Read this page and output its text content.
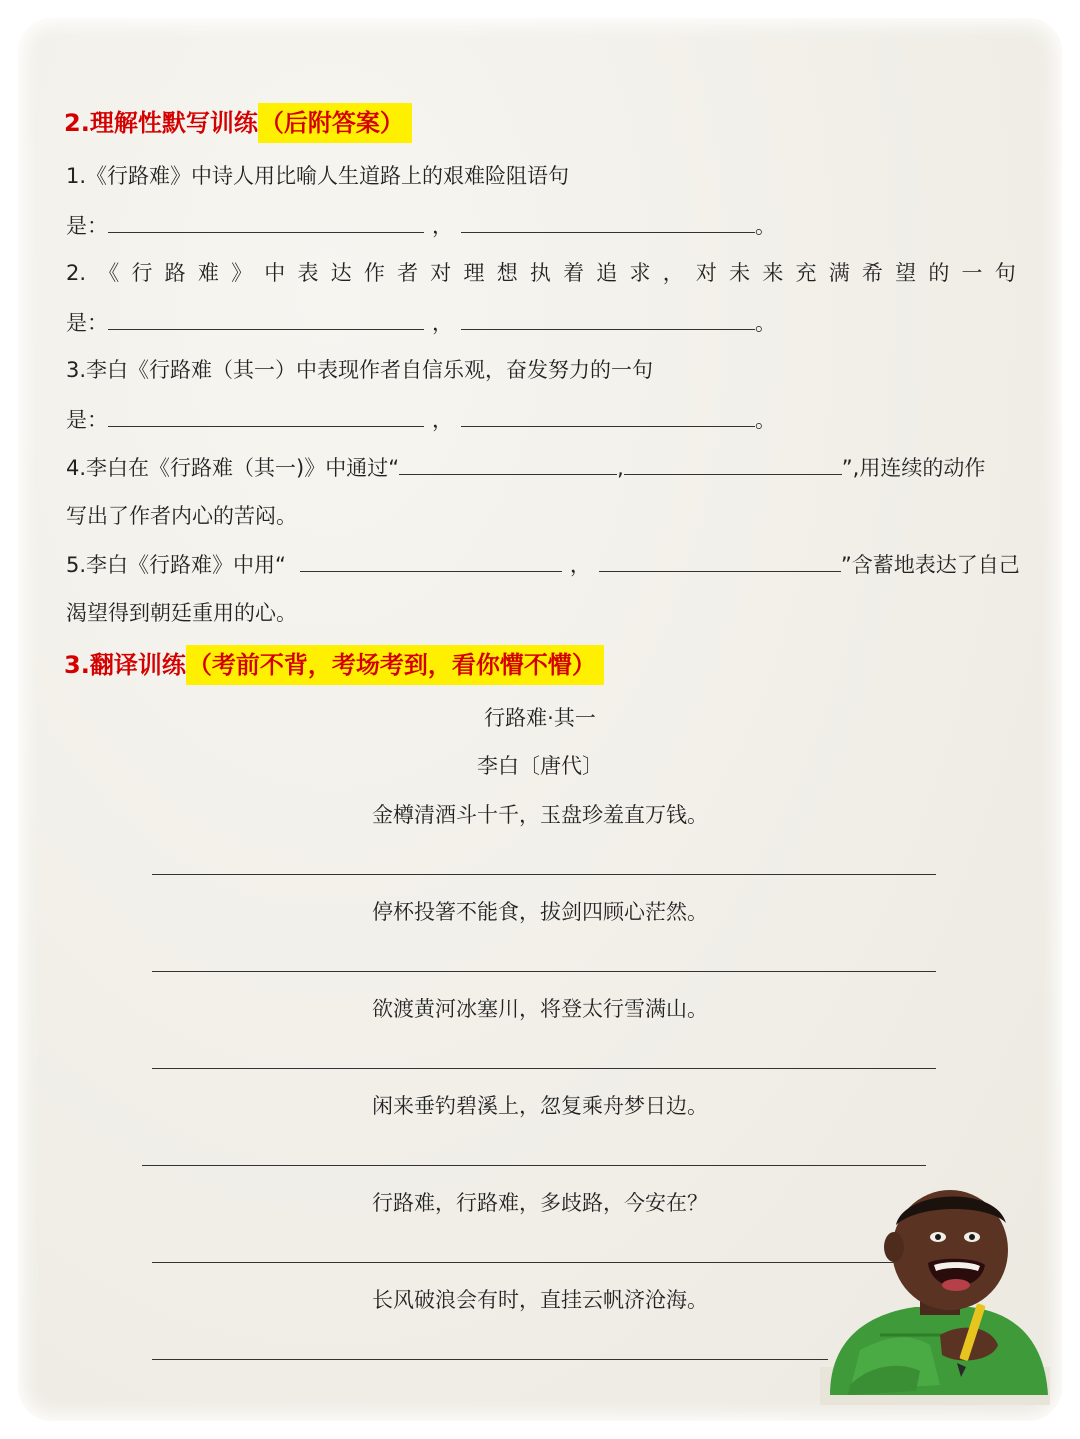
2.理解性默写训练（后附答案）
1.《行路难》中诗人用比喻人生道路上的艰难险阻语句
是：	，	。
2. 《 行 路 难 》 中 表 达 作 者 对 理 想 执 着 追 求 ， 对 未 来 充 满 希 望 的 一 句
是：	，	。
3.李白《行路难（其一）中表现作者自信乐观，奋发努力的一句
是：	，	。
4.李白在《行路难（其一)》中通过“	,	”,用连续的动作
写出了作者内心的苦闷。
5.李白《行路难》中用“	，	”含蓄地表达了自己
渴望得到朝廷重用的心。
3.翻译训练（考前不背，考场考到，看你懵不懵）
行路难·其一
李白〔唐代〕
金樽清酒斗十千，玉盘珍羞直万钱。
停杯投箸不能食，拔剑四顾心茫然。
欲渡黄河冰塞川，将登太行雪满山。
闲来垂钓碧溪上，忽复乘舟梦日边。
行路难，行路难，多歧路，今安在？
长风破浪会有时，直挂云帆济沧海。
